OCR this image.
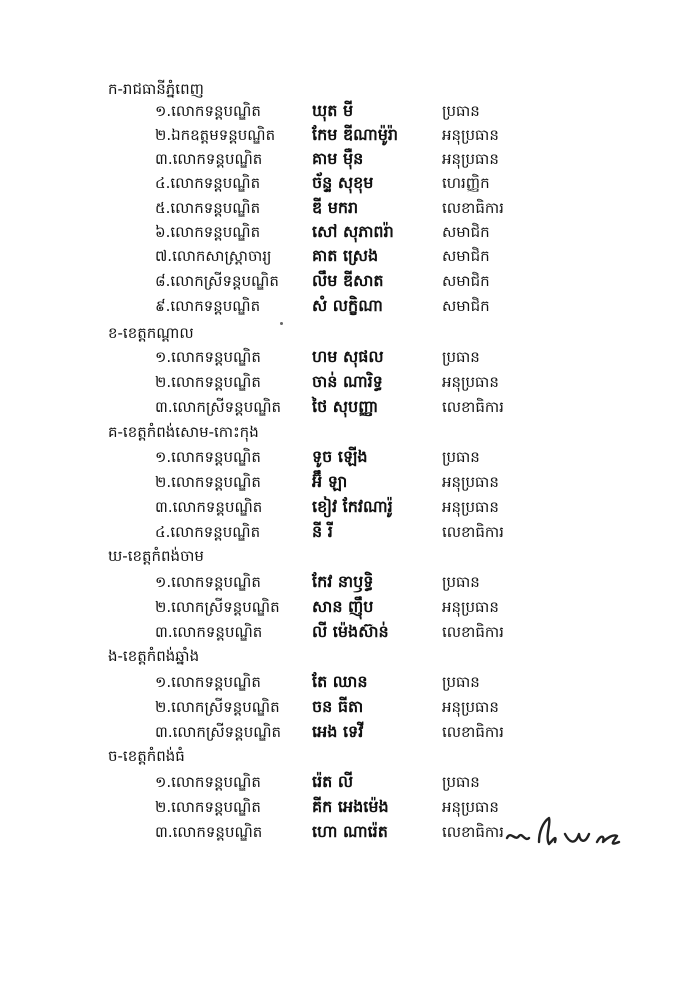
ក-រាជធានីភ្នំពេញ
១.លោកទន្តបណ្ឌិត	ឃុត មី	ប្រធាន
២.ឯកឧត្តមទន្តបណ្ឌិត កែម ឌីណាម៉ូរ៉ា	អនុប្រធាន
៣.លោកទន្តបណ្ឌិត	គាម ម៉ឺន	អនុប្រធាន
៤.លោកទន្តបណ្ឌិត	ច័ន្ទ សុខុម	ហេរញ្ញិក
៥.លោកទន្តបណ្ឌិត	ឌី មករា	លេខាធិការ
៦.លោកទន្តបណ្ឌិត	សៅ សុភាពរ៉ា	សមាជិក
៧.លោកសាស្រ្តាចារ្យ	គាត ស្រេង	សមាជិក
៨.លោកស្រីទន្តបណ្ឌិត លឹម ឌីសាត	សមាជិក
៩.លោកទន្តបណ្ឌិត	សំ លក្ខិណា	សមាជិក
ខ-ខេត្តកណ្តាល
១.លោកទន្តបណ្ឌិត	ហម សុផល	ប្រធាន
២.លោកទន្តបណ្ឌិត	ចាន់ ណារិទ្ធ	អនុប្រធាន
៣.លោកស្រីទន្តបណ្ឌិត ថៃ សុបញ្ញា	លេខាធិការ
គ-ខេត្តកំពង់សោម-កោះកុង
១.លោកទន្តបណ្ឌិត	ទូច ឡើង	ប្រធាន
២.លោកទន្តបណ្ឌិត	អ៊ឹ ឡា	អនុប្រធាន
៣.លោកទន្តបណ្ឌិត	ខៀវ កែវណារ៉ូ	អនុប្រធាន
៤.លោកទន្តបណ្ឌិត	នី រី	លេខាធិការ
ឃ-ខេត្តកំពង់ចាម
១.លោកទន្តបណ្ឌិត	កែវ នាឫទ្ធិ	ប្រធាន
២.លោកស្រីទន្តបណ្ឌិត សាន ញ៉ឹប	អនុប្រធាន
៣.លោកទន្តបណ្ឌិត	លី ម៉េងស៊ាន់	លេខាធិការ
ង-ខេត្តកំពង់ឆ្នាំង
១.លោកទន្តបណ្ឌិត	តែ ឈាន	ប្រធាន
២.លោកស្រីទន្តបណ្ឌិត ចន ធីតា	អនុប្រធាន
៣.លោកស្រីទន្តបណ្ឌិត អេង ទេវី	លេខាធិការ
ច-ខេត្តកំពង់ធំ
១.លោកទន្តបណ្ឌិត	រ៉េត លី	ប្រធាន
២.លោកទន្តបណ្ឌិត	គីក អេងម៉េង	អនុប្រធាន
៣.លោកទន្តបណ្ឌិត	ហោ ណារ៉េត	លេខាធិការ
